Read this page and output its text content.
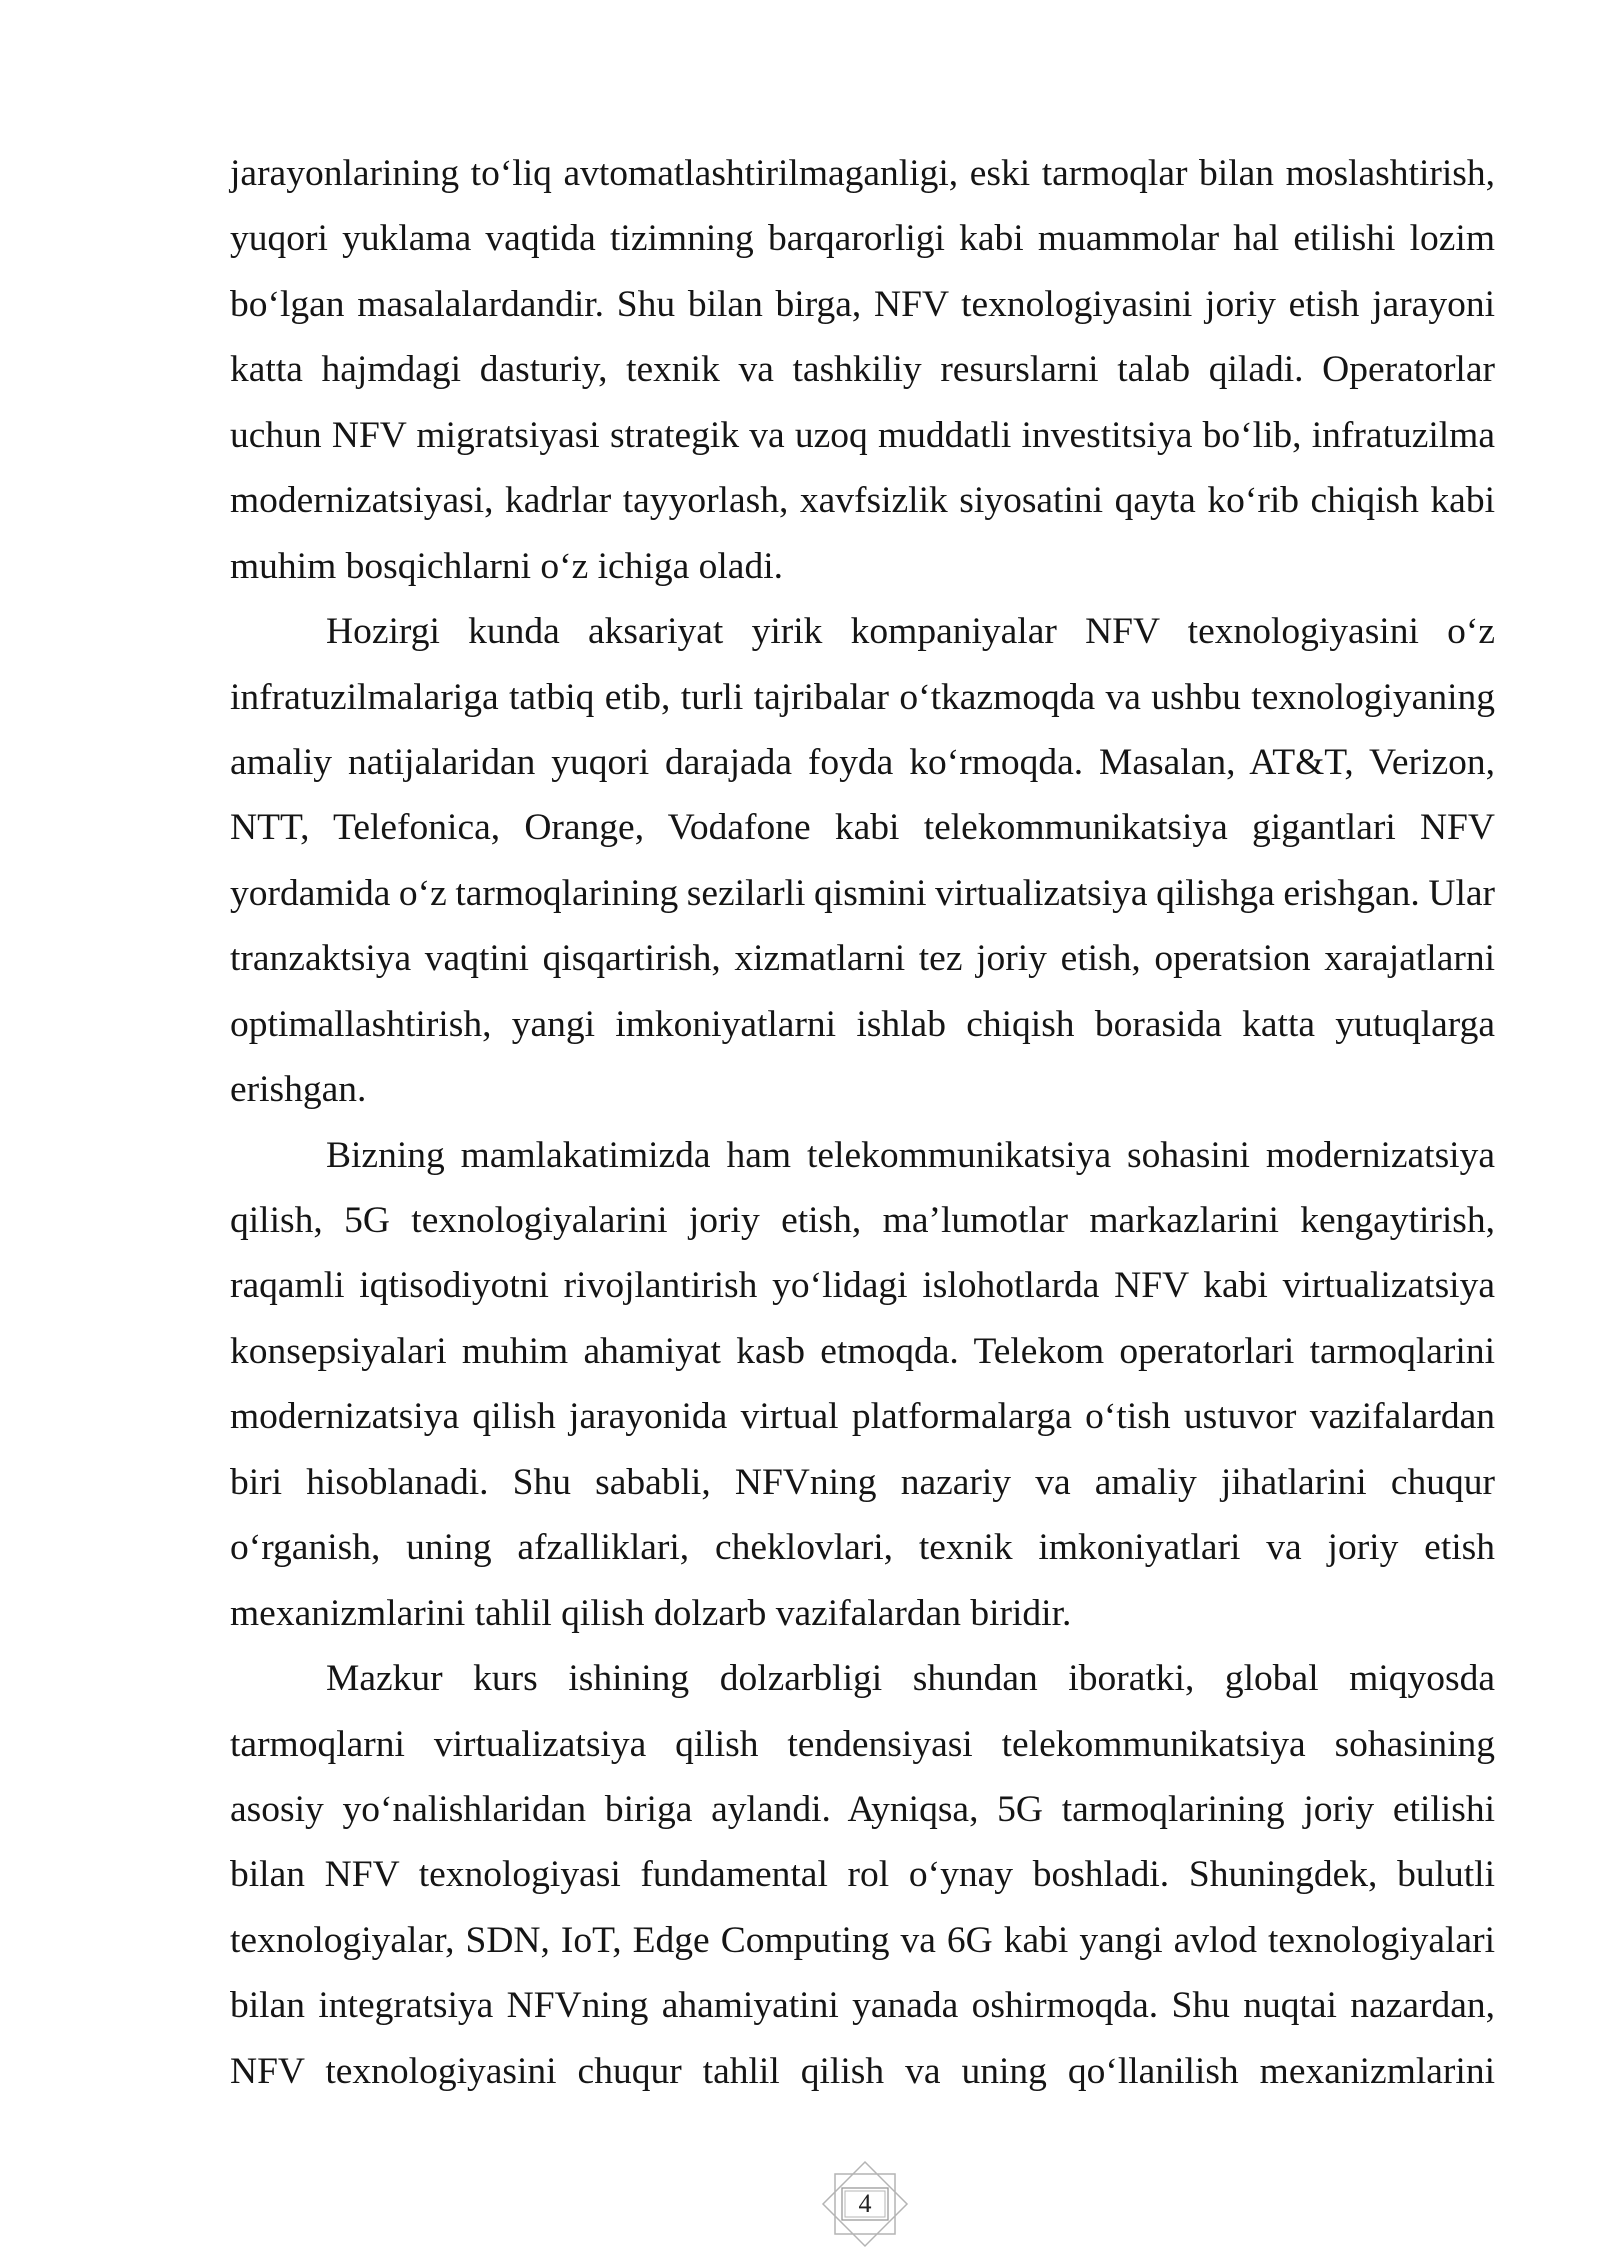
jarayonlarining to‘liq avtomatlashtirilmaganligi, eski tarmoqlar bilan moslashtirish,
yuqori yuklama vaqtida tizimning barqarorligi kabi muammolar hal etilishi lozim
bo‘lgan masalalardandir. Shu bilan birga, NFV texnologiyasini joriy etish jarayoni
katta hajmdagi dasturiy, texnik va tashkiliy resurslarni talab qiladi. Operatorlar
uchun NFV migratsiyasi strategik va uzoq muddatli investitsiya bo‘lib, infratuzilma
modernizatsiyasi, kadrlar tayyorlash, xavfsizlik siyosatini qayta ko‘rib chiqish kabi
muhim bosqichlarni o‘z ichiga oladi.
Hozirgi kunda aksariyat yirik kompaniyalar NFV texnologiyasini o‘z
infratuzilmalariga tatbiq etib, turli tajribalar o‘tkazmoqda va ushbu texnologiyaning
amaliy natijalaridan yuqori darajada foyda ko‘rmoqda. Masalan, AT&T, Verizon,
NTT, Telefonica, Orange, Vodafone kabi telekommunikatsiya gigantlari NFV
yordamida o‘z tarmoqlarining sezilarli qismini virtualizatsiya qilishga erishgan. Ular
tranzaktsiya vaqtini qisqartirish, xizmatlarni tez joriy etish, operatsion xarajatlarni
optimallashtirish, yangi imkoniyatlarni ishlab chiqish borasida katta yutuqlarga
erishgan.
Bizning mamlakatimizda ham telekommunikatsiya sohasini modernizatsiya
qilish, 5G texnologiyalarini joriy etish, ma’lumotlar markazlarini kengaytirish,
raqamli iqtisodiyotni rivojlantirish yo‘lidagi islohotlarda NFV kabi virtualizatsiya
konsepsiyalari muhim ahamiyat kasb etmoqda. Telekom operatorlari tarmoqlarini
modernizatsiya qilish jarayonida virtual platformalarga o‘tish ustuvor vazifalardan
biri hisoblanadi. Shu sababli, NFVning nazariy va amaliy jihatlarini chuqur
o‘rganish, uning afzalliklari, cheklovlari, texnik imkoniyatlari va joriy etish
mexanizmlarini tahlil qilish dolzarb vazifalardan biridir.
Mazkur kurs ishining dolzarbligi shundan iboratki, global miqyosda
tarmoqlarni virtualizatsiya qilish tendensiyasi telekommunikatsiya sohasining
asosiy yo‘nalishlaridan biriga aylandi. Ayniqsa, 5G tarmoqlarining joriy etilishi
bilan NFV texnologiyasi fundamental rol o‘ynay boshladi. Shuningdek, bulutli
texnologiyalar, SDN, IoT, Edge Computing va 6G kabi yangi avlod texnologiyalari
bilan integratsiya NFVning ahamiyatini yanada oshirmoqda. Shu nuqtai nazardan,
NFV texnologiyasini chuqur tahlil qilish va uning qo‘llanilish mexanizmlarini
4
